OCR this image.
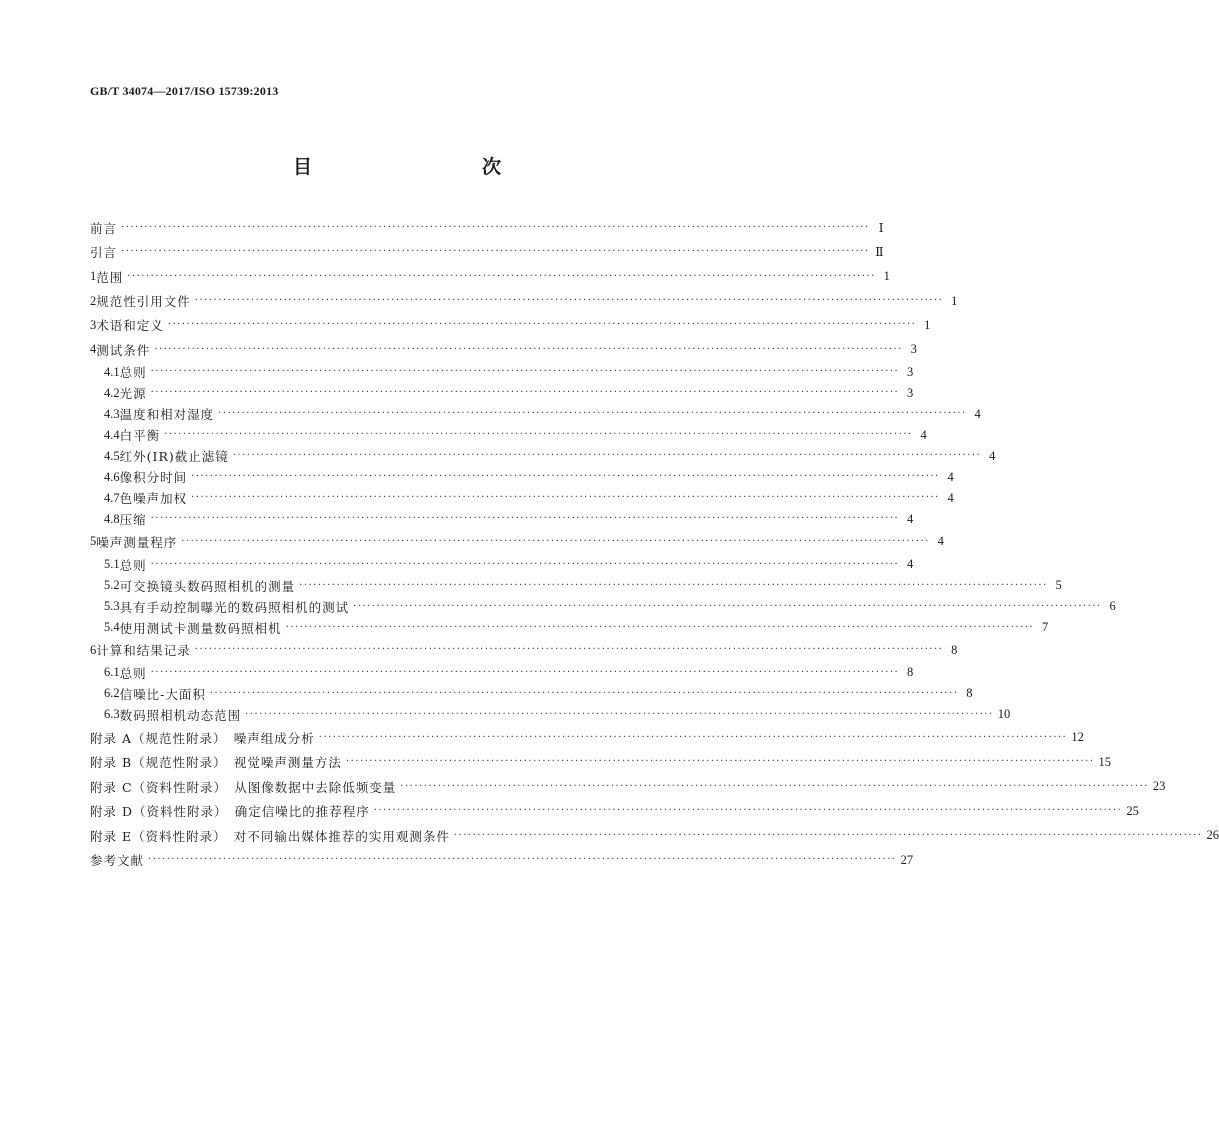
GB/T 34074—2017/ISO 15739:2013
目　　次
前言 ································································································································································ Ⅰ
引言 ································································································································································ Ⅱ
1 范围 ································································································································································ 1
2 规范性引用文件 ································································································································································ 1
3 术语和定义 ································································································································································ 1
4 测试条件 ································································································································································ 3
4.1 总则 ································································································································································ 3
4.2 光源 ································································································································································ 3
4.3 温度和相对湿度 ································································································································································ 4
4.4 白平衡 ································································································································································ 4
4.5 红外(IR)截止滤镜 ································································································································································ 4
4.6 像积分时间 ································································································································································ 4
4.7 色噪声加权 ································································································································································ 4
4.8 压缩 ································································································································································ 4
5 噪声测量程序 ································································································································································ 4
5.1 总则 ································································································································································ 4
5.2 可交换镜头数码照相机的测量 ································································································································································ 5
5.3 具有手动控制曝光的数码照相机的测试 ································································································································································ 6
5.4 使用测试卡测量数码照相机 ································································································································································ 7
6 计算和结果记录 ································································································································································ 8
6.1 总则 ································································································································································ 8
6.2 信噪比-大面积 ································································································································································ 8
6.3 数码照相机动态范围 ································································································································································ 10
附录 A（规范性附录）　噪声组成分析 ································································································································································ 12
附录 B（规范性附录）　视觉噪声测量方法 ································································································································································ 15
附录 C（资料性附录）　从图像数据中去除低频变量 ································································································································································ 23
附录 D（资料性附录）　确定信噪比的推荐程序 ································································································································································ 25
附录 E（资料性附录）　对不同输出媒体推荐的实用观测条件 ································································································································································ 26
参考文献 ································································································································································ 27
